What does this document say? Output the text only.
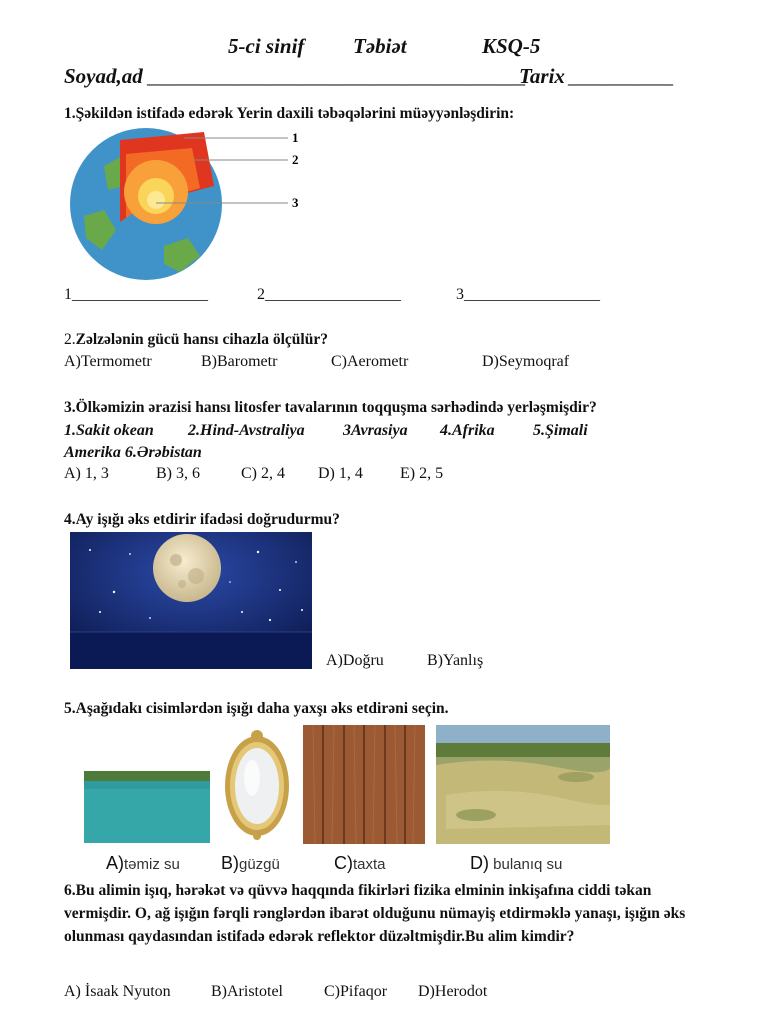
5-ci sinif Təbiət	KSQ-5
Soyad,ad ____________________________________
Tarix __________
1.Şəkildən istifadə edərək Yerin daxili təbəqələrini müəyyənləşdirin:
1
2
3
1_________________	2_________________	3_________________
2.Zəlzələnin gücü hansı cihazla ölçülür?
A)Termometr	B)Barometr	C)Aerometr	D)Seymoqraf
3.Ölkəmizin ərazisi hansı litosfer tavalarının toqquşma sərhədində yerləşmişdir?
1.Sakit okean 2.Hind-Avstraliya 3Avrasiya 4.Afrika 5.Şimali
Amerika 6.Ərəbistan
A) 1, 3	B) 3, 6	C) 2, 4 D) 1, 4 E) 2, 5
4.Ay işığı əks etdirir ifadəsi doğrudurmu?
A)Doğru	B)Yanlış
5.Aşağıdakı cisimlərdən işığı daha yaxşı əks etdirəni seçin.
A)təmiz su B)güzgü	C)taxta	D) bulanıq su
6.Bu alimin işıq, hərəkət və qüvvə haqqında fikirləri fizika elminin inkişafına ciddi təkan vermişdir. O, ağ işığın fərqli rənglərdən ibarət olduğunu nümayiş etdirməklə yanaşı, işığın əks olunması qaydasından istifadə edərək reflektor düzəltmişdir.Bu alim kimdir?
A) İsaak Nyuton	B)Aristotel	C)Pifaqor D)Herodot
